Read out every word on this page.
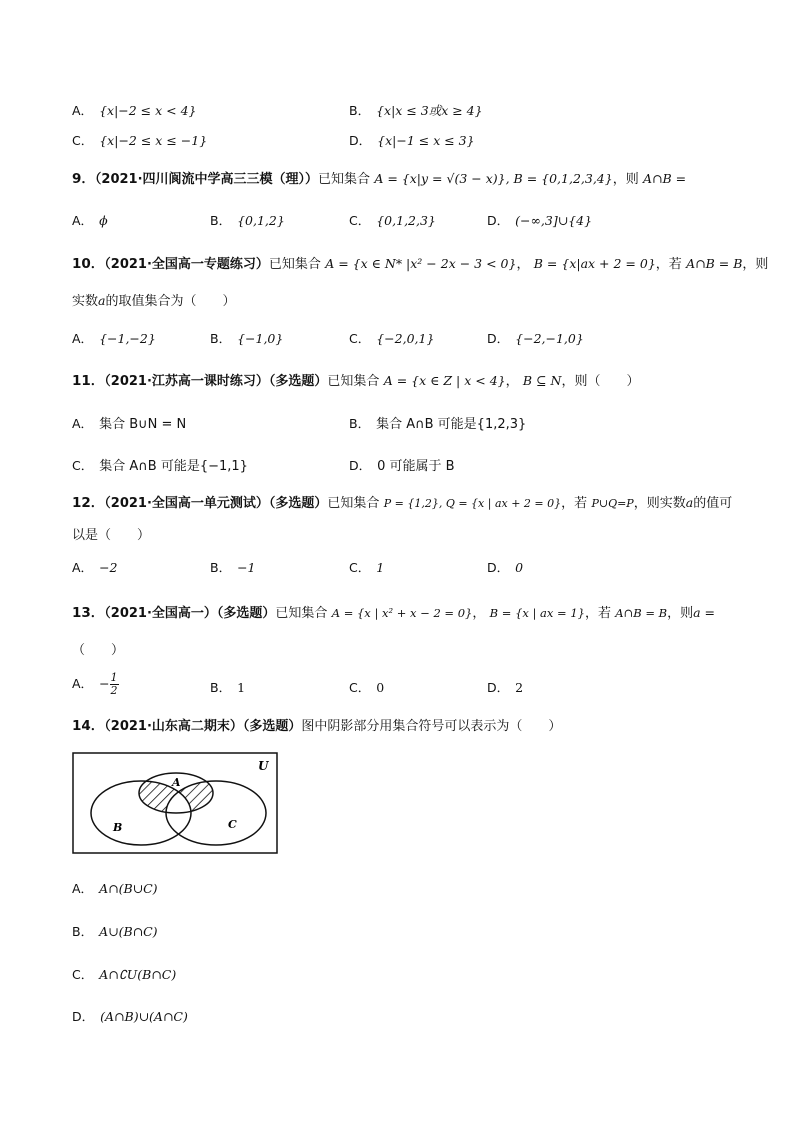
A． {x|−2 ≤ x < 4}	B． {x|x ≤ 3或x ≥ 4}
C． {x|−2 ≤ x ≤ −1}	D． {x|−1 ≤ x ≤ 3}
9．（2021·四川阆流中学高三三模（理））已知集合 A = {x|y = √(3 − x)}, B = {0,1,2,3,4}，则 A∩B =
A． ϕ	B． {0,1,2}	C． {0,1,2,3}	D． (−∞,3]∪{4}
10．（2021·全国高一专题练习）已知集合 A = {x ∈ N* |x² − 2x − 3 < 0}， B = {x|ax + 2 = 0}，若 A∩B = B，则
实数a的取值集合为（　　）
A． {−1,−2}	B． {−1,0}	C． {−2,0,1}	D． {−2,−1,0}
11．（2021·江苏高一课时练习）（多选题）已知集合 A = {x ∈ Z | x < 4}， B ⊆ N，则（　　）
A． 集合 B∪N = N	B． 集合 A∩B 可能是{1,2,3}
C． 集合 A∩B 可能是{−1,1}	D． 0 可能属于 B
12．（2021·全国高一单元测试）（多选题）已知集合 P = {1,2}, Q = {x | ax + 2 = 0}，若 P∪Q=P，则实数a的值可
以是（　　）
A． −2	B． −1	C． 1	D． 0
13．（2021·全国高一）（多选题）已知集合 A = {x | x² + x − 2 = 0}， B = {x | ax = 1}，若 A∩B = B，则a =
（　　）
A． − $\frac{1}{2}$	B． 1	C． 0	D． 2
14．（2021·山东高二期末）（多选题）图中阴影部分用集合符号可以表示为（　　）
U
A
B	C
A． A∩(B∪C)
B． A∪(B∩C)
C． A∩∁U(B∩C)
D． (A∩B)∪(A∩C)
